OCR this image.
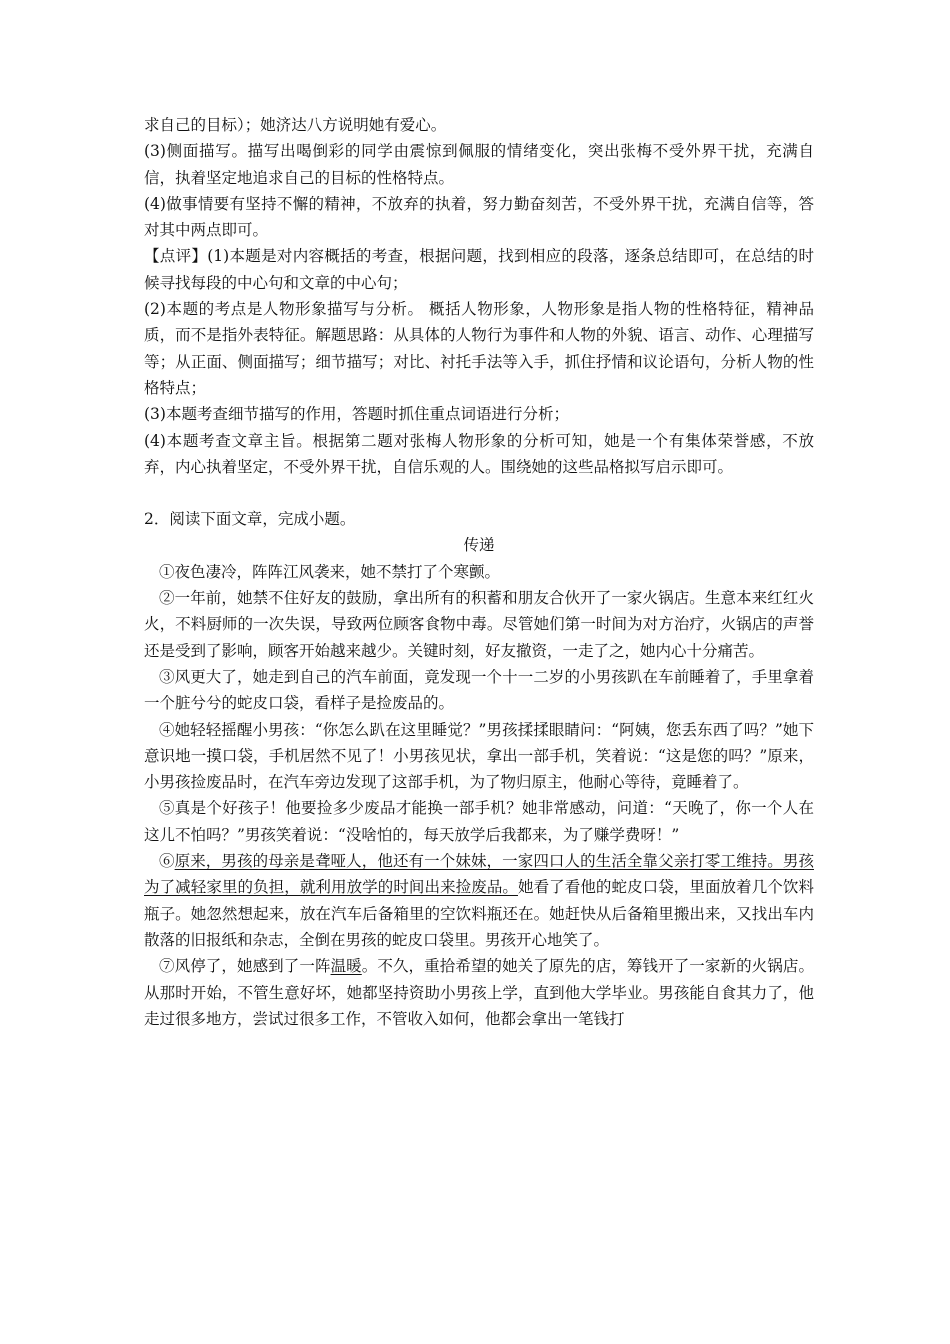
求自己的目标）；她济达八方说明她有爱心。

(3)侧面描写。描写出喝倒彩的同学由震惊到佩服的情绪变化，突出张梅不受外界干扰，充满自信，执着坚定地追求自己的目标的性格特点。

(4)做事情要有坚持不懈的精神，不放弃的执着，努力勤奋刻苦，不受外界干扰，充满自信等，答对其中两点即可。

【点评】(1)本题是对内容概括的考查，根据问题，找到相应的段落，逐条总结即可，在总结的时候寻找每段的中心句和文章的中心句；

(2)本题的考点是人物形象描写与分析。 概括人物形象，人物形象是指人物的性格特征，精神品质，而不是指外表特征。解题思路：从具体的人物行为事件和人物的外貌、语言、动作、心理描写等；从正面、侧面描写；细节描写；对比、衬托手法等入手，抓住抒情和议论语句，分析人物的性格特点；

(3)本题考查细节描写的作用，答题时抓住重点词语进行分析；

(4)本题考查文章主旨。根据第二题对张梅人物形象的分析可知，她是一个有集体荣誉感，不放弃，内心执着坚定，不受外界干扰，自信乐观的人。围绕她的这些品格拟写启示即可。

2．阅读下面文章，完成小题。

传递

①夜色凄冷，阵阵江风袭来，她不禁打了个寒颤。

②一年前，她禁不住好友的鼓励，拿出所有的积蓄和朋友合伙开了一家火锅店。生意本来红红火火，不料厨师的一次失误，导致两位顾客食物中毒。尽管她们第一时间为对方治疗，火锅店的声誉还是受到了影响，顾客开始越来越少。关键时刻，好友撤资，一走了之，她内心十分痛苦。

③风更大了，她走到自己的汽车前面，竟发现一个十一二岁的小男孩趴在车前睡着了，手里拿着一个脏兮兮的蛇皮口袋，看样子是捡废品的。

④她轻轻摇醒小男孩：“你怎么趴在这里睡觉？”男孩揉揉眼睛问：“阿姨，您丢东西了吗？”她下意识地一摸口袋，手机居然不见了！小男孩见状，拿出一部手机，笑着说：“这是您的吗？”原来，小男孩捡废品时，在汽车旁边发现了这部手机，为了物归原主，他耐心等待，竟睡着了。

⑤真是个好孩子！他要捡多少废品才能换一部手机？她非常感动，问道：“天晚了，你一个人在这儿不怕吗？”男孩笑着说：“没啥怕的，每天放学后我都来，为了赚学费呀！”

⑥原来，男孩的母亲是聋哑人，他还有一个妹妹，一家四口人的生活全靠父亲打零工维持。男孩为了减轻家里的负担，就利用放学的时间出来捡废品。她看了看他的蛇皮口袋，里面放着几个饮料瓶子。她忽然想起来，放在汽车后备箱里的空饮料瓶还在。她赶快从后备箱里搬出来，又找出车内散落的旧报纸和杂志，全倒在男孩的蛇皮口袋里。男孩开心地笑了。

⑦风停了，她感到了一阵温暖。不久，重拾希望的她关了原先的店，筹钱开了一家新的火锅店。从那时开始，不管生意好坏，她都坚持资助小男孩上学，直到他大学毕业。男孩能自食其力了，他走过很多地方，尝试过很多工作，不管收入如何，他都会拿出一笔钱打
